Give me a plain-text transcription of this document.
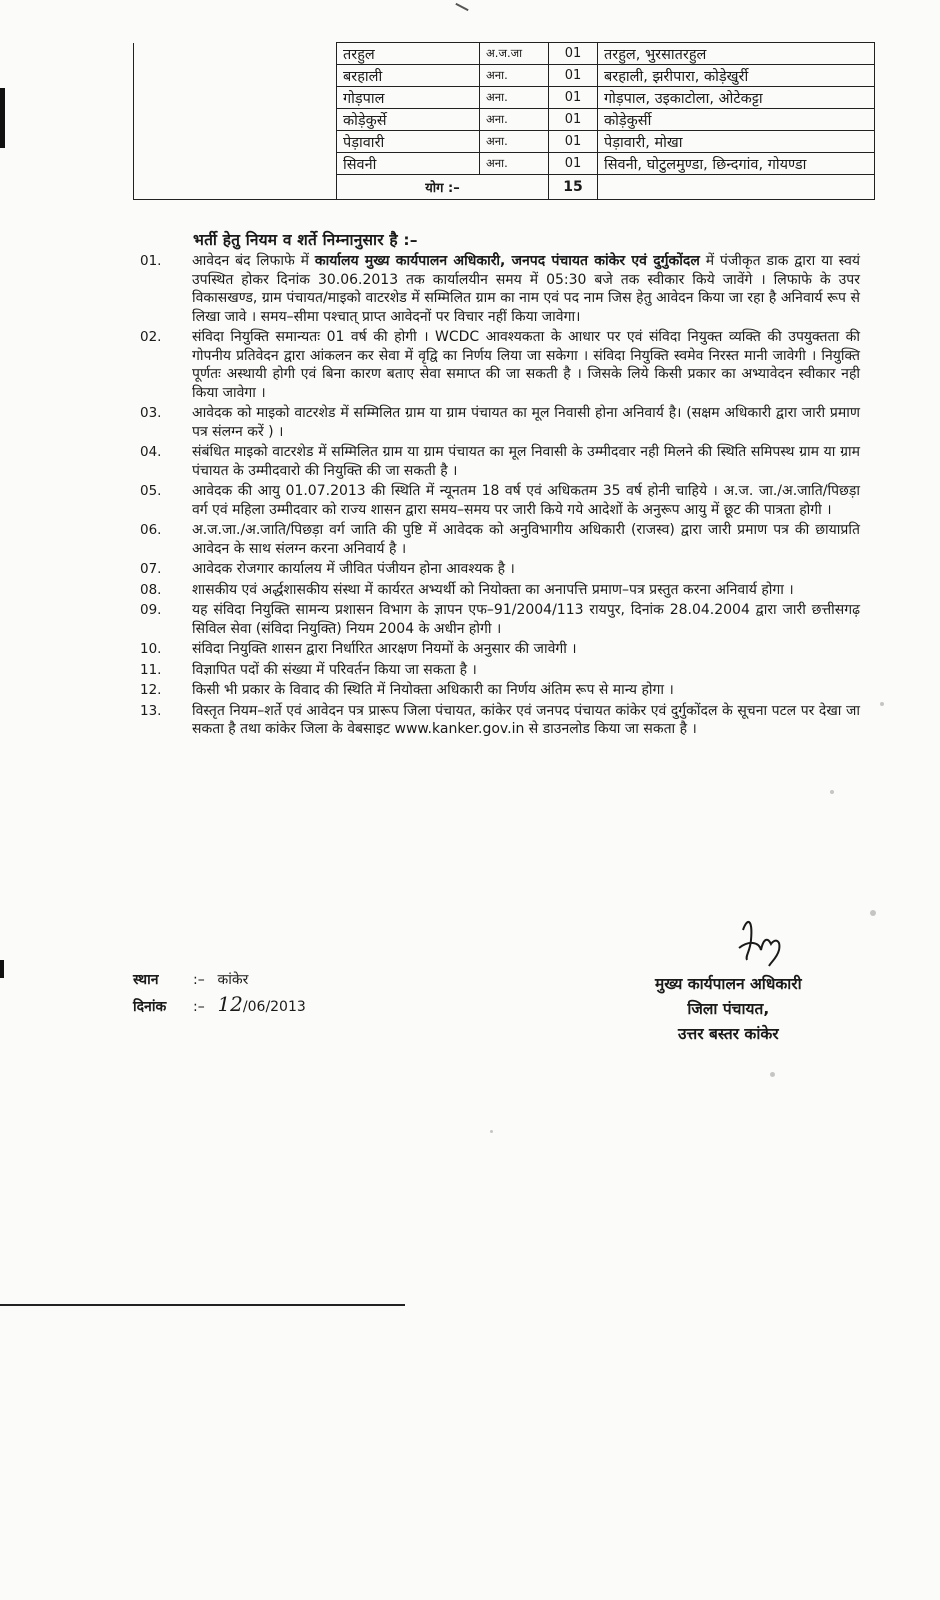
	तरहुल	अ.ज.जा	01	तरहुल, भुरसातरहुल
	बरहाली	अना.	01	बरहाली, झरीपारा, कोड़ेखुर्री
	गोड़पाल	अना.	01	गोड़पाल, उइकाटोला, ओटेकट्टा
	कोड़ेकुर्से	अना.	01	कोड़ेकुर्सी
	पेड़ावारी	अना.	01	पेड़ावारी, मोखा
	सिवनी	अना.	01	सिवनी, घोटुलमुण्डा, छिन्दगांव, गोयण्डा
	योग :–		15	
भर्ती हेतु नियम व शर्ते निम्नानुसार है :–
01.	आवेदन बंद लिफाफे में कार्यालय मुख्य कार्यपालन अधिकारी, जनपद पंचायत कांकेर एवं दुर्गुकोंदल में पंजीकृत डाक द्वारा या स्वयं उपस्थित होकर दिनांक 30.06.2013 तक कार्यालयीन समय में 05:30 बजे तक स्वीकार किये जावेंगे । लिफाफे के उपर विकासखण्ड, ग्राम पंचायत/माइको वाटरशेड में सम्मिलित ग्राम का नाम एवं पद नाम जिस हेतु आवेदन किया जा रहा है अनिवार्य रूप से लिखा जावे । समय–सीमा पश्चात् प्राप्त आवेदनों पर विचार नहीं किया जावेगा।
02.	संविदा नियुक्ति समान्यतः 01 वर्ष की होगी । WCDC आवश्यकता के आधार पर एवं संविदा नियुक्त व्यक्ति की उपयुक्तता की गोपनीय प्रतिवेदन द्वारा आंकलन कर सेवा में वृद्वि का निर्णय लिया जा सकेगा । संविदा नियुक्ति स्वमेव निरस्त मानी जावेगी । नियुक्ति पूर्णतः अस्थायी होगी एवं बिना कारण बताए सेवा समाप्त की जा सकती है । जिसके लिये किसी प्रकार का अभ्यावेदन स्वीकार नही किया जावेगा ।
03.	आवेदक को माइको वाटरशेड में सम्मिलित ग्राम या ग्राम पंचायत का मूल निवासी होना अनिवार्य है। (सक्षम अधिकारी द्वारा जारी प्रमाण पत्र संलग्न करें ) ।
04.	संबंधित माइको वाटरशेड में सम्मिलित ग्राम या ग्राम पंचायत का मूल निवासी के उम्मीदवार नही मिलने की स्थिति समिपस्थ ग्राम या ग्राम पंचायत के उम्मीदवारो की नियुक्ति की जा सकती है ।
05.	आवेदक की आयु 01.07.2013 की स्थिति में न्यूनतम 18 वर्ष एवं अधिकतम 35 वर्ष होनी चाहिये । अ.ज. जा./अ.जाति/पिछड़ा वर्ग एवं महिला उम्मीदवार को राज्य शासन द्वारा समय–समय पर जारी किये गये आदेशों के अनुरूप आयु में छूट की पात्रता होगी ।
06.	अ.ज.जा./अ.जाति/पिछड़ा वर्ग जाति की पुष्टि में आवेदक को अनुविभागीय अधिकारी (राजस्व) द्वारा जारी प्रमाण पत्र की छायाप्रति आवेदन के साथ संलग्न करना अनिवार्य है ।
07.	आवेदक रोजगार कार्यालय में जीवित पंजीयन होना आवश्यक है ।
08.	शासकीय एवं अर्द्धशासकीय संस्था में कार्यरत अभ्यर्थी को नियोक्ता का अनापत्ति प्रमाण–पत्र प्रस्तुत करना अनिवार्य होगा ।
09.	यह संविदा नियुक्ति सामन्य प्रशासन विभाग के ज्ञापन एफ–91/2004/113 रायपुर, दिनांक 28.04.2004 द्वारा जारी छत्तीसगढ़ सिविल सेवा (संविदा नियुक्ति) नियम 2004 के अधीन होगी ।
10.	संविदा नियुक्ति शासन द्वारा निर्धारित आरक्षण नियमों के अनुसार की जावेगी ।
11.	विज्ञापित पदों की संख्या में परिवर्तन किया जा सकता है ।
12.	किसी भी प्रकार के विवाद की स्थिति में नियोक्ता अधिकारी का निर्णय अंतिम रूप से मान्य होगा ।
13.	विस्तृत नियम–शर्ते एवं आवेदन पत्र प्रारूप जिला पंचायत, कांकेर एवं जनपद पंचायत कांकेर एवं दुर्गुकोंदल के सूचना पटल पर देखा जा सकता है तथा कांकेर जिला के वेबसाइट www.kanker.gov.in से डाउनलोड किया जा सकता है ।
स्थान :– कांकेर
दिनांक :– 12/06/2013
मुख्य कार्यपालन अधिकारी
जिला पंचायत,
उत्तर बस्तर कांकेर
